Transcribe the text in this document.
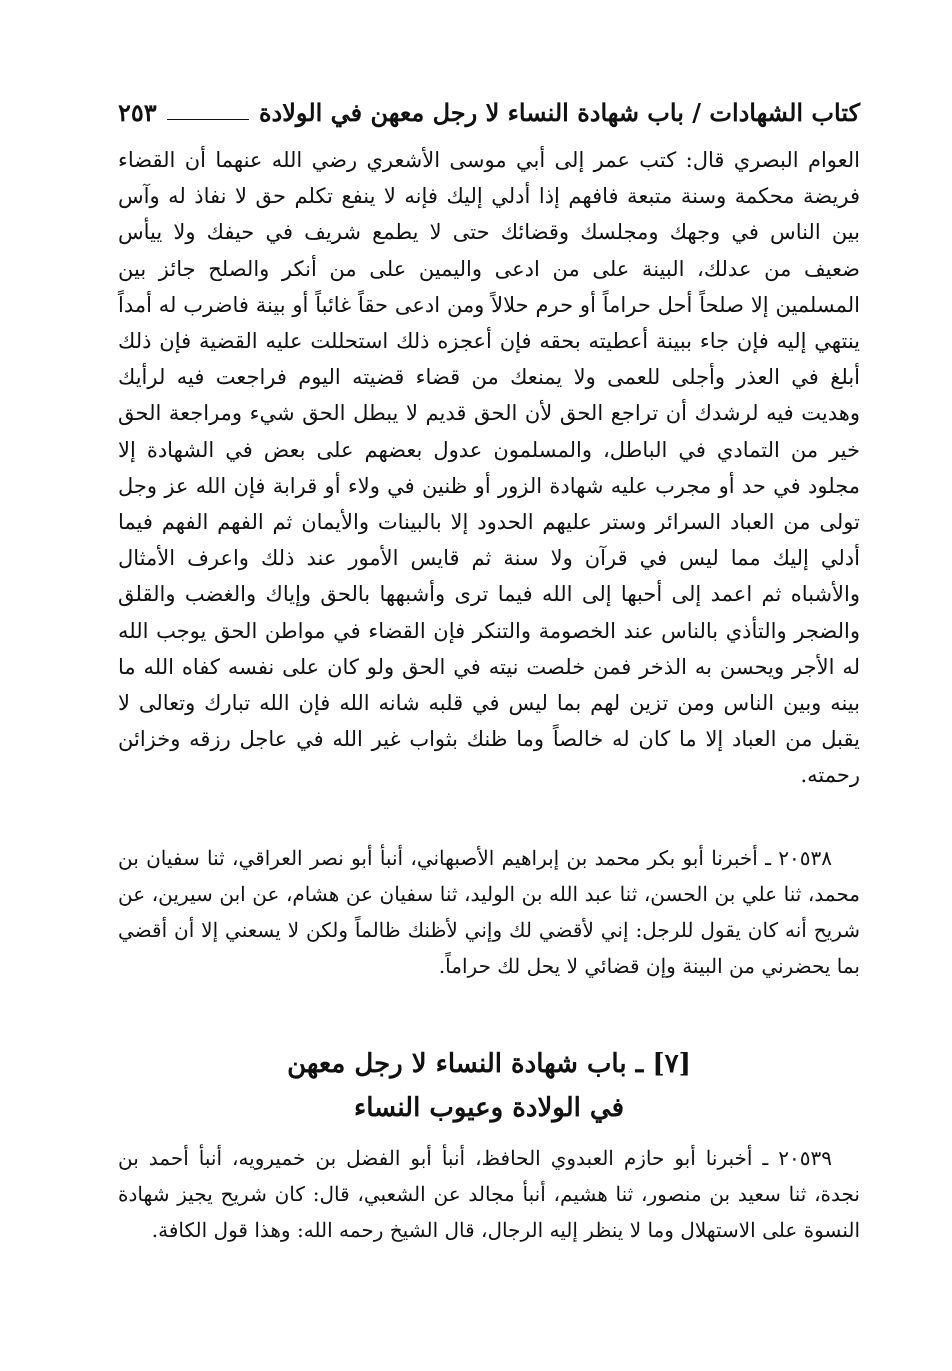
كتاب الشهادات / باب شهادة النساء لا رجل معهن في الولادة
٢٥٣

العوام البصري قال: كتب عمر إلى أبي موسى الأشعري رضي الله عنهما أن القضاء فريضة محكمة وسنة متبعة فافهم إذا أدلي إليك فإنه لا ينفع تكلم حق لا نفاذ له وآس بين الناس في وجهك ومجلسك وقضائك حتى لا يطمع شريف في حيفك ولا ييأس ضعيف من عدلك، البينة على من ادعى واليمين على من أنكر والصلح جائز بين المسلمين إلا صلحاً أحل حراماً أو حرم حلالاً ومن ادعى حقاً غائباً أو بينة فاضرب له أمداً ينتهي إليه فإن جاء ببينة أعطيته بحقه فإن أعجزه ذلك استحللت عليه القضية فإن ذلك أبلغ في العذر وأجلى للعمى ولا يمنعك من قضاء قضيته اليوم فراجعت فيه لرأيك وهديت فيه لرشدك أن تراجع الحق لأن الحق قديم لا يبطل الحق شيء ومراجعة الحق خير من التمادي في الباطل، والمسلمون عدول بعضهم على بعض في الشهادة إلا مجلود في حد أو مجرب عليه شهادة الزور أو ظنين في ولاء أو قرابة فإن الله عز وجل تولى من العباد السرائر وستر عليهم الحدود إلا بالبينات والأيمان ثم الفهم الفهم فيما أدلي إليك مما ليس في قرآن ولا سنة ثم قايس الأمور عند ذلك واعرف الأمثال والأشباه ثم اعمد إلى أحبها إلى الله فيما ترى وأشبهها بالحق وإياك والغضب والقلق والضجر والتأذي بالناس عند الخصومة والتنكر فإن القضاء في مواطن الحق يوجب الله له الأجر ويحسن به الذخر فمن خلصت نيته في الحق ولو كان على نفسه كفاه الله ما بينه وبين الناس ومن تزين لهم بما ليس في قلبه شانه الله فإن الله تبارك وتعالى لا يقبل من العباد إلا ما كان له خالصاً وما ظنك بثواب غير الله في عاجل رزقه وخزائن رحمته.

٢٠٥٣٨ ـ أخبرنا أبو بكر محمد بن إبراهيم الأصبهاني، أنبأ أبو نصر العراقي، ثنا سفيان بن محمد، ثنا علي بن الحسن، ثنا عبد الله بن الوليد، ثنا سفيان عن هشام، عن ابن سيرين، عن شريح أنه كان يقول للرجل: إني لأقضي لك وإني لأظنك ظالماً ولكن لا يسعني إلا أن أقضي بما يحضرني من البينة وإن قضائي لا يحل لك حراماً.

[٧] ـ باب شهادة النساء لا رجل معهن
في الولادة وعيوب النساء

٢٠٥٣٩ ـ أخبرنا أبو حازم العبدوي الحافظ، أنبأ أبو الفضل بن خميرويه، أنبأ أحمد بن نجدة، ثنا سعيد بن منصور، ثنا هشيم، أنبأ مجالد عن الشعبي، قال: كان شريح يجيز شهادة النسوة على الاستهلال وما لا ينظر إليه الرجال، قال الشيخ رحمه الله: وهذا قول الكافة.
